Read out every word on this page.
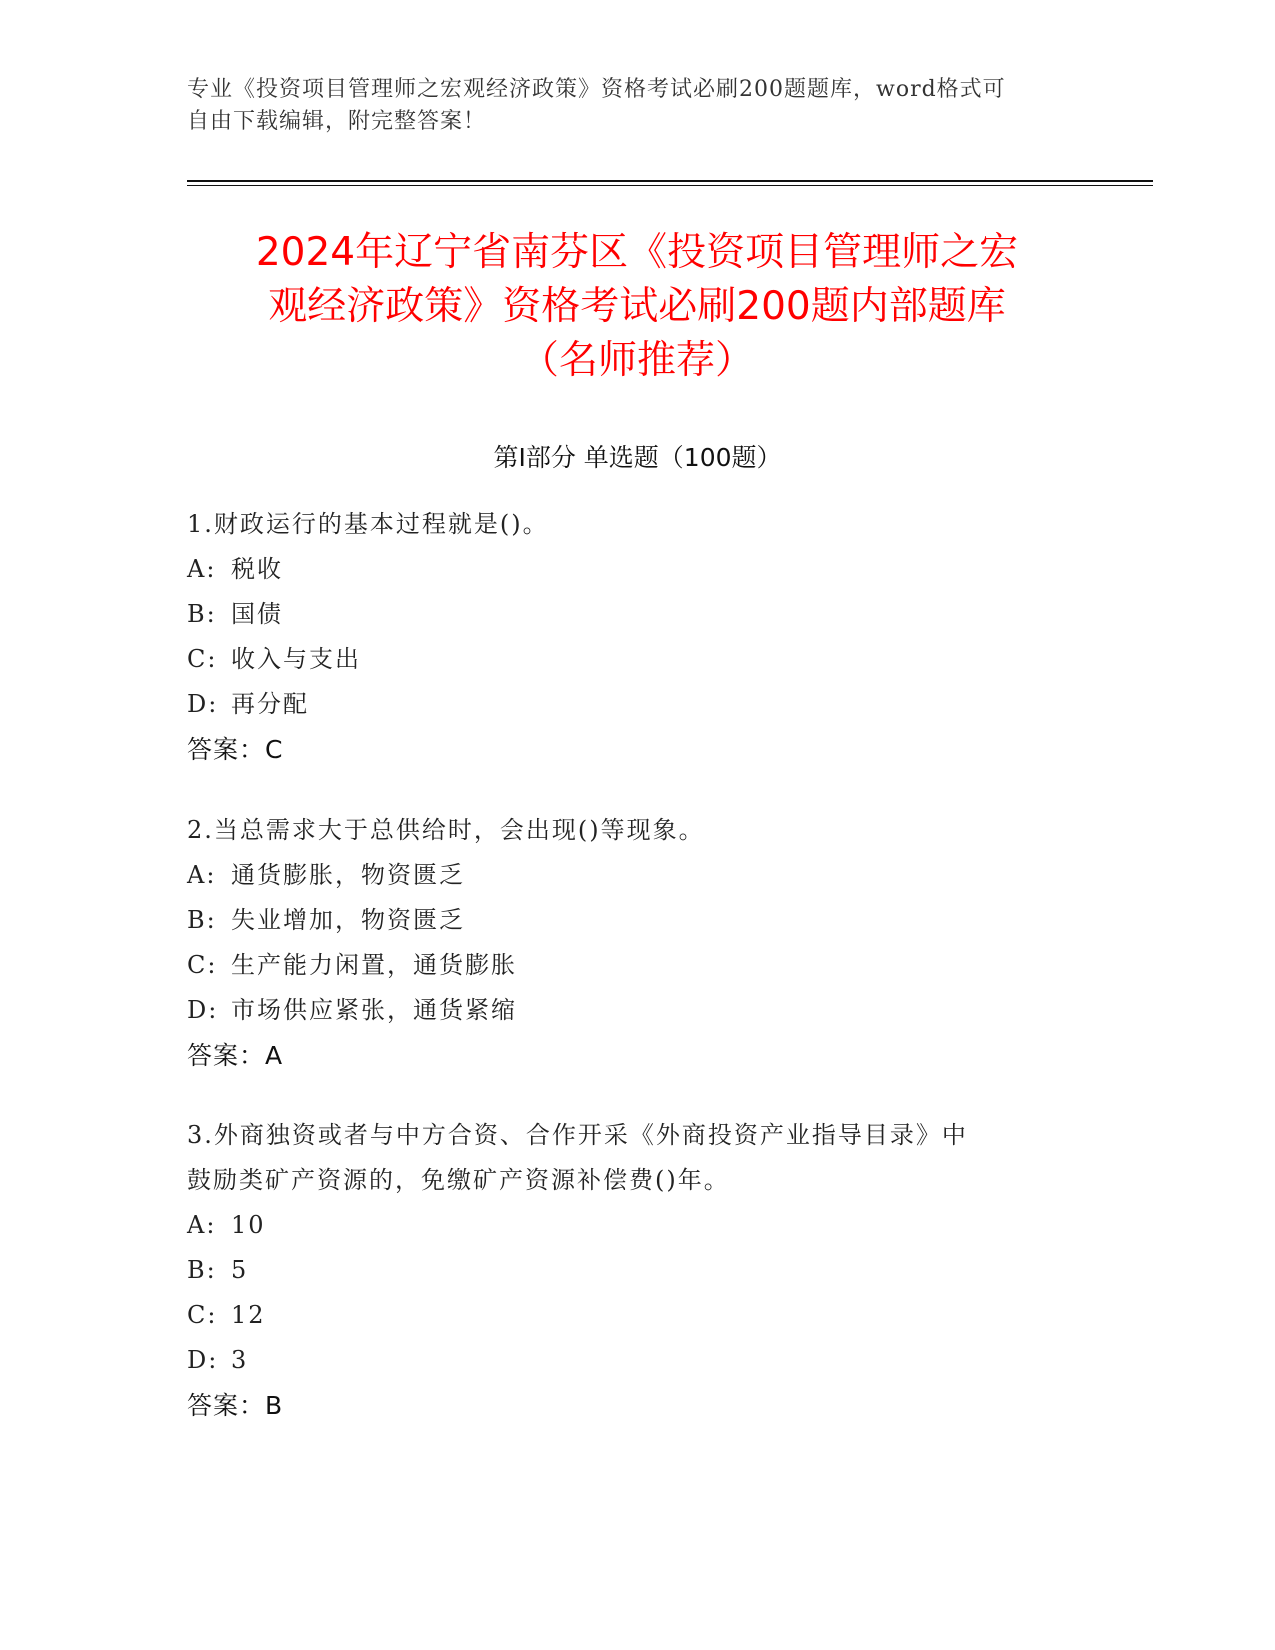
专业《投资项目管理师之宏观经济政策》资格考试必刷200题题库，word格式可
自由下载编辑，附完整答案！
2024年辽宁省南芬区《投资项目管理师之宏
观经济政策》资格考试必刷200题内部题库
（名师推荐）
第Ⅰ部分 单选题（100题）
1.财政运行的基本过程就是()。
A: 税收
B: 国债
C: 收入与支出
D: 再分配
答案：C
2.当总需求大于总供给时，会出现()等现象。
A: 通货膨胀，物资匮乏
B: 失业增加，物资匮乏
C: 生产能力闲置，通货膨胀
D: 市场供应紧张，通货紧缩
答案：A
3.外商独资或者与中方合资、合作开采《外商投资产业指导目录》中
鼓励类矿产资源的，免缴矿产资源补偿费()年。
A: 10
B: 5
C: 12
D: 3
答案：B
